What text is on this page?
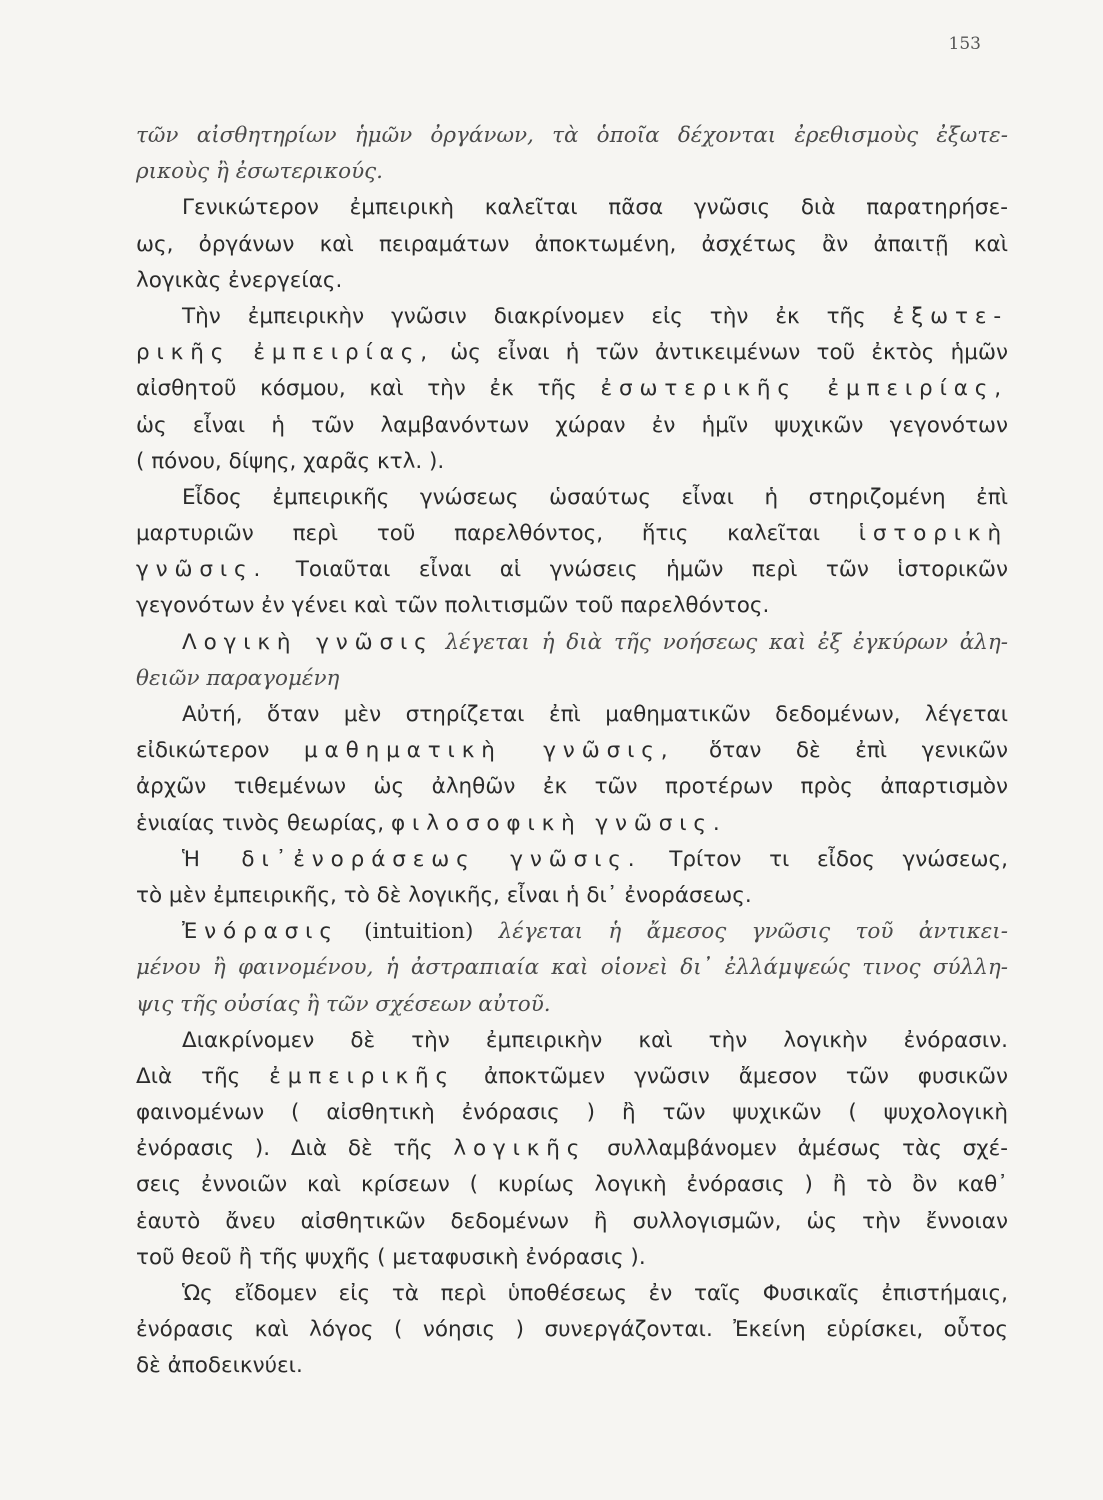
153
τῶν αἰσθητηρίων ἡμῶν ὀργάνων, τὰ ὁποῖα δέχονται ἐρεθισμοὺς ἐξωτε-
ρικοὺς ἢ ἐσωτερικούς.
Γενικώτερον ἐμπειρικὴ καλεῖται πᾶσα γνῶσις διὰ παρατηρήσε-
ως, ὀργάνων καὶ πειραμάτων ἀποκτωμένη, ἀσχέτως ἂν ἀπαιτῇ καὶ
λογικὰς ἐνεργείας.
Τὴν ἐμπειρικὴν γνῶσιν διακρίνομεν εἰς τὴν ἐκ τῆς ἐξωτε-
ρικῆς ἐμπειρίας, ὡς εἶναι ἡ τῶν ἀντικειμένων τοῦ ἐκτὸς ἡμῶν
αἰσθητοῦ κόσμου, καὶ τὴν ἐκ τῆς ἐσωτερικῆς ἐμπειρίας,
ὡς εἶναι ἡ τῶν λαμβανόντων χώραν ἐν ἡμῖν ψυχικῶν γεγονότων
( πόνου, δίψης, χαρᾶς κτλ. ).
Εἶδος ἐμπειρικῆς γνώσεως ὡσαύτως εἶναι ἡ στηριζομένη ἐπὶ
μαρτυριῶν περὶ τοῦ παρελθόντος, ἥτις καλεῖται ἱστορικὴ
γνῶσις. Τοιαῦται εἶναι αἱ γνώσεις ἡμῶν περὶ τῶν ἱστορικῶν
γεγονότων ἐν γένει καὶ τῶν πολιτισμῶν τοῦ παρελθόντος.
Λογικὴ γνῶσις λέγεται ἡ διὰ τῆς νοήσεως καὶ ἐξ ἐγκύρων ἀλη-
θειῶν παραγομένη
Αὐτή, ὅταν μὲν στηρίζεται ἐπὶ μαθηματικῶν δεδομένων, λέγεται
εἰδικώτερον μαθηματικὴ γνῶσις, ὅταν δὲ ἐπὶ γενικῶν
ἀρχῶν τιθεμένων ὡς ἀληθῶν ἐκ τῶν προτέρων πρὸς ἀπαρτισμὸν
ἑνιαίας τινὸς θεωρίας, φιλοσοφικὴ γνῶσις.
Ἡ δι᾿ἐνοράσεως γνῶσις. Τρίτον τι εἶδος γνώσεως,
τὸ μὲν ἐμπειρικῆς, τὸ δὲ λογικῆς, εἶναι ἡ δι᾿ ἐνοράσεως.
Ἐνόρασις (intuition) λέγεται ἡ ἄμεσος γνῶσις τοῦ ἀντικει-
μένου ἢ φαινομένου, ἡ ἀστραπιαία καὶ οἱονεὶ δι᾿ ἐλλάμψεώς τινος σύλλη-
ψις τῆς οὐσίας ἢ τῶν σχέσεων αὐτοῦ.
Διακρίνομεν δὲ τὴν ἐμπειρικὴν καὶ τὴν λογικὴν ἐνόρασιν.
Διὰ τῆς ἐμπειρικῆς ἀποκτῶμεν γνῶσιν ἄμεσον τῶν φυσικῶν
φαινομένων ( αἰσθητικὴ ἐνόρασις ) ἢ τῶν ψυχικῶν ( ψυχολογικὴ
ἐνόρασις ). Διὰ δὲ τῆς λογικῆς συλλαμβάνομεν ἀμέσως τὰς σχέ-
σεις ἐννοιῶν καὶ κρίσεων ( κυρίως λογικὴ ἐνόρασις ) ἢ τὸ ὂν καθ᾿
ἑαυτὸ ἄνευ αἰσθητικῶν δεδομένων ἢ συλλογισμῶν, ὡς τὴν ἔννοιαν
τοῦ θεοῦ ἢ τῆς ψυχῆς ( μεταφυσικὴ ἐνόρασις ).
Ὡς εἴδομεν εἰς τὰ περὶ ὑποθέσεως ἐν ταῖς Φυσικαῖς ἐπιστήμαις,
ἐνόρασις καὶ λόγος ( νόησις ) συνεργάζονται. Ἐκείνη εὑρίσκει, οὗτος
δὲ ἀποδεικνύει.
